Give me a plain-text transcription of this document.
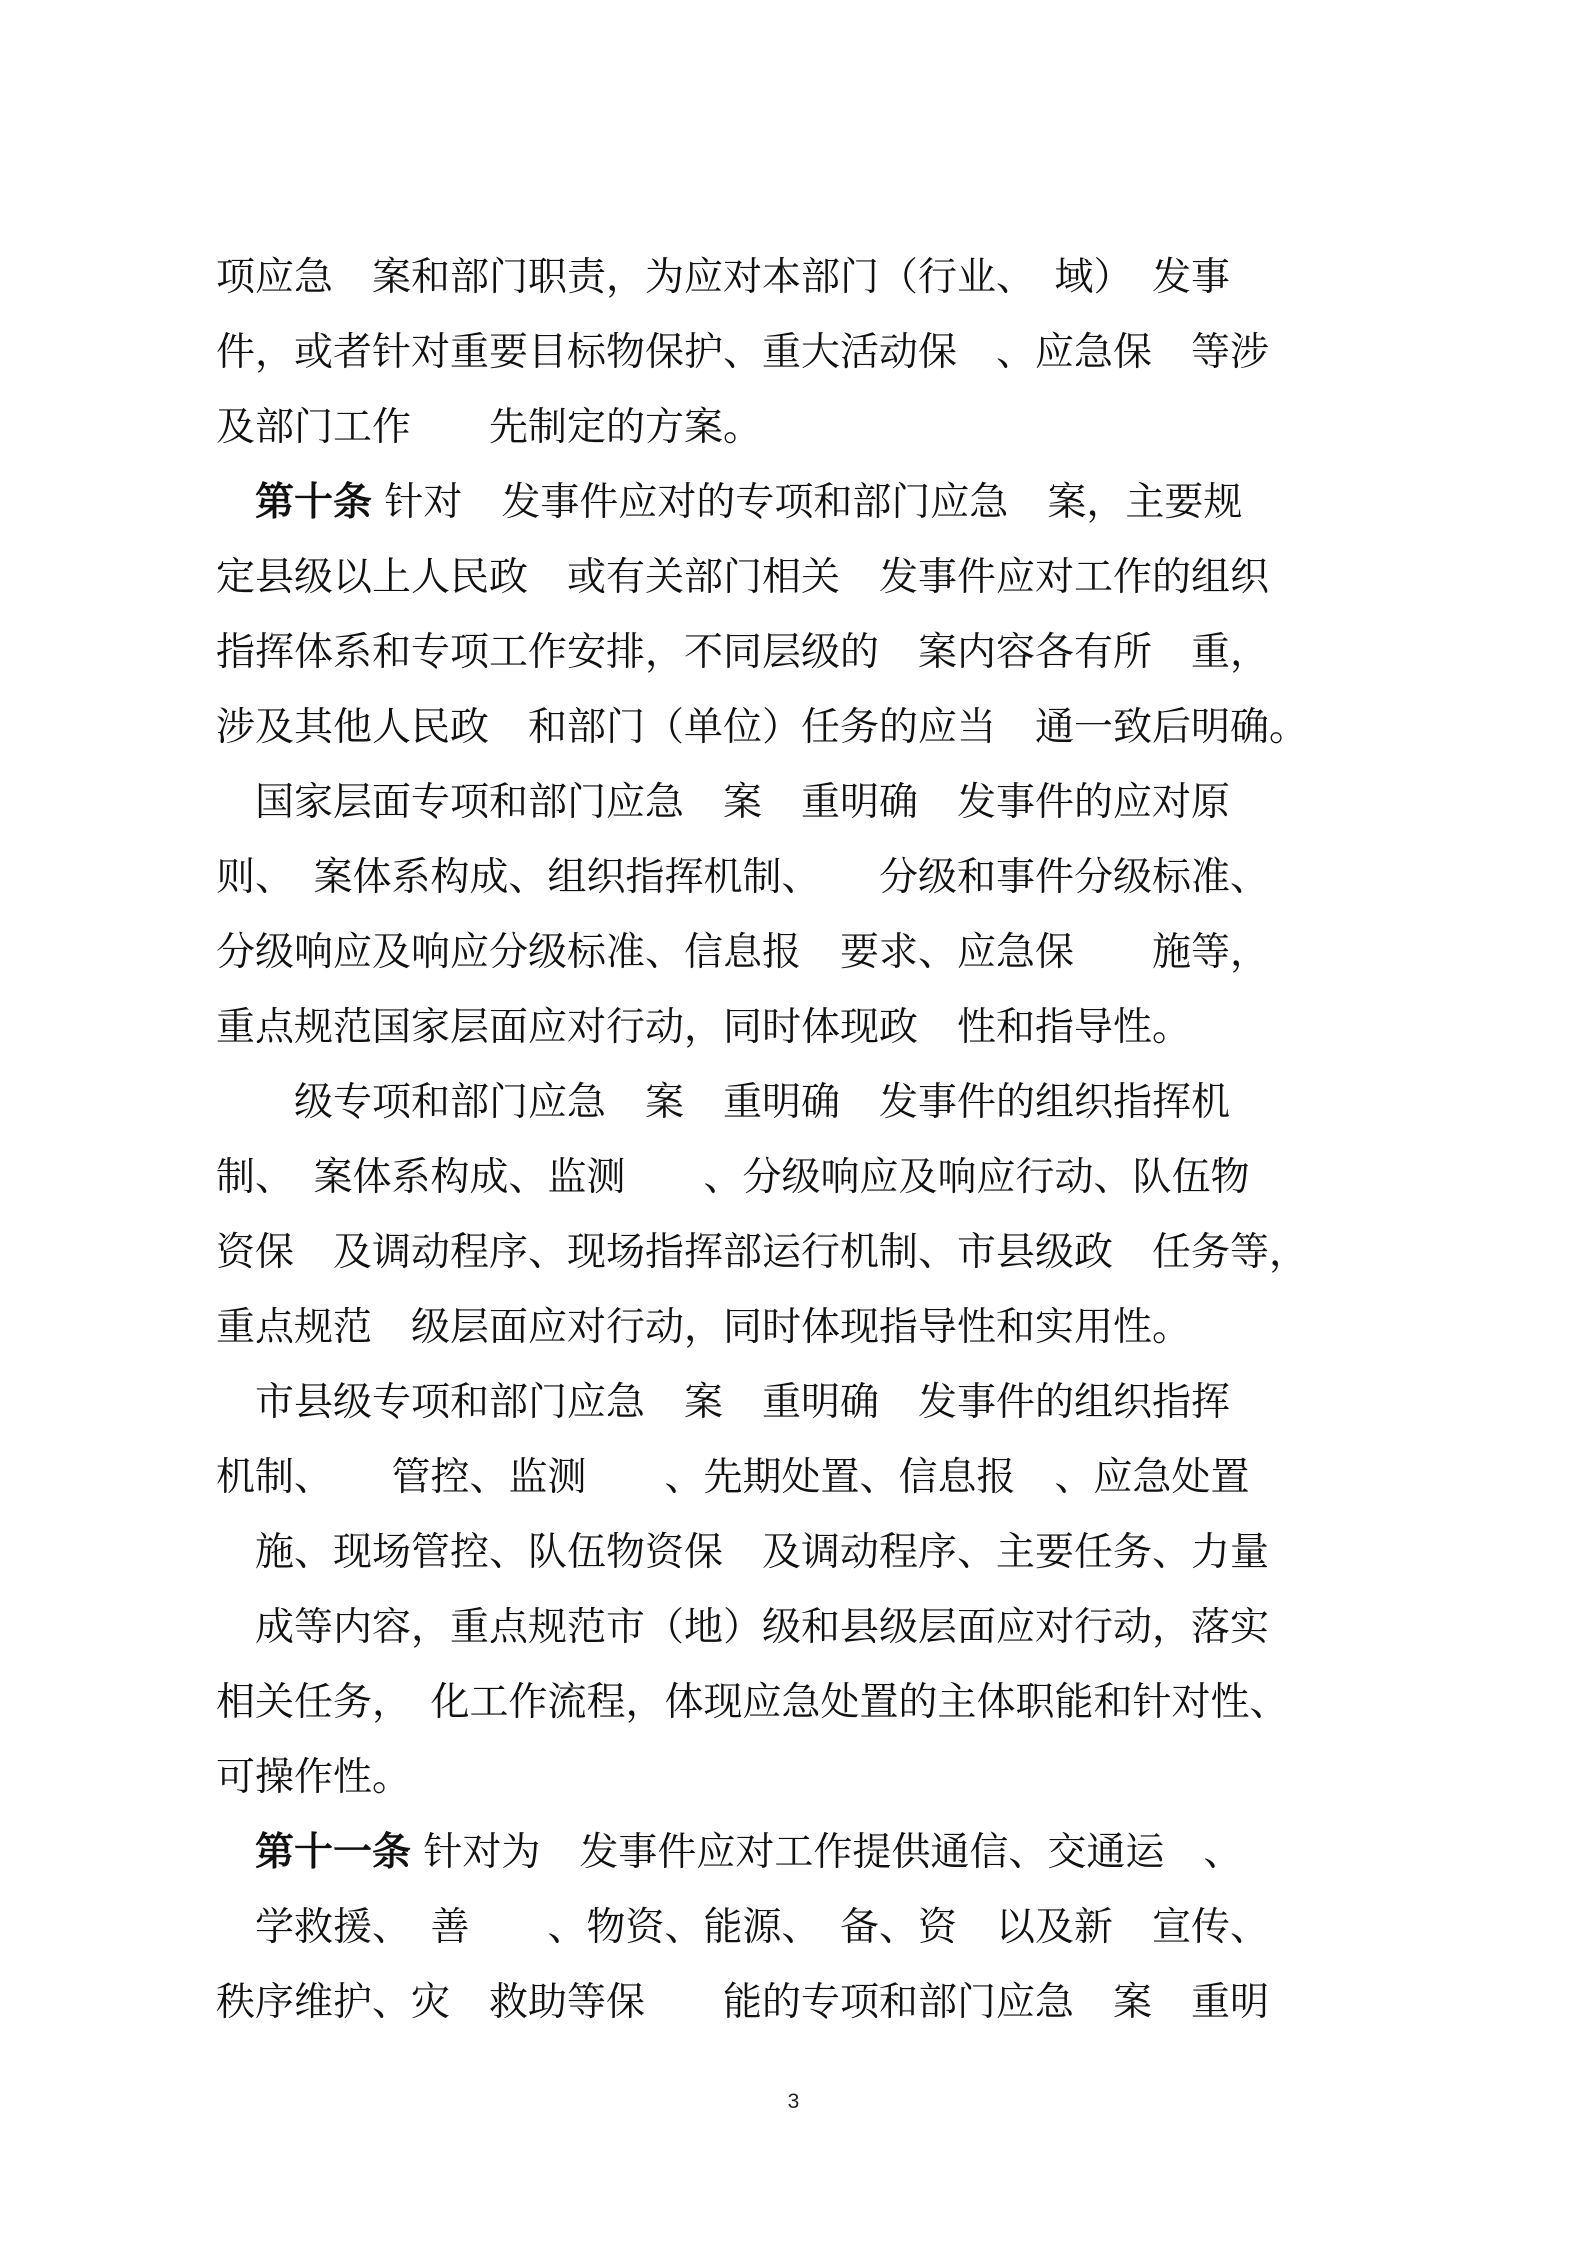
项应急　案和部门职责，为应对本部门（行业、　域）　发事
件，或者针对重要目标物保护、重大活动保　、应急保　等涉
及部门工作　　先制定的方案。
　第十条 针对　发事件应对的专项和部门应急　案，主要规
定县级以上人民政　或有关部门相关　发事件应对工作的组织
指挥体系和专项工作安排，不同层级的　案内容各有所　重，
涉及其他人民政　和部门（单位）任务的应当　通一致后明确。
　国家层面专项和部门应急　案　重明确　发事件的应对原
则、　案体系构成、组织指挥机制、　　分级和事件分级标准、
分级响应及响应分级标准、信息报　要求、应急保　　施等，
重点规范国家层面应对行动，同时体现政　性和指导性。
　　级专项和部门应急　案　重明确　发事件的组织指挥机
制、　案体系构成、监测　　、分级响应及响应行动、队伍物
资保　及调动程序、现场指挥部运行机制、市县级政　任务等，
重点规范　级层面应对行动，同时体现指导性和实用性。
　市县级专项和部门应急　案　重明确　发事件的组织指挥
机制、　　管控、监测　　、先期处置、信息报　、应急处置
　施、现场管控、队伍物资保　及调动程序、主要任务、力量
　成等内容，重点规范市（地）级和县级层面应对行动，落实
相关任务，　化工作流程，体现应急处置的主体职能和针对性、
可操作性。
　第十一条 针对为　发事件应对工作提供通信、交通运　、
　学救援、　善　　、物资、能源、　备、资　以及新　宣传、
秩序维护、灾　救助等保　　能的专项和部门应急　案　重明
3
